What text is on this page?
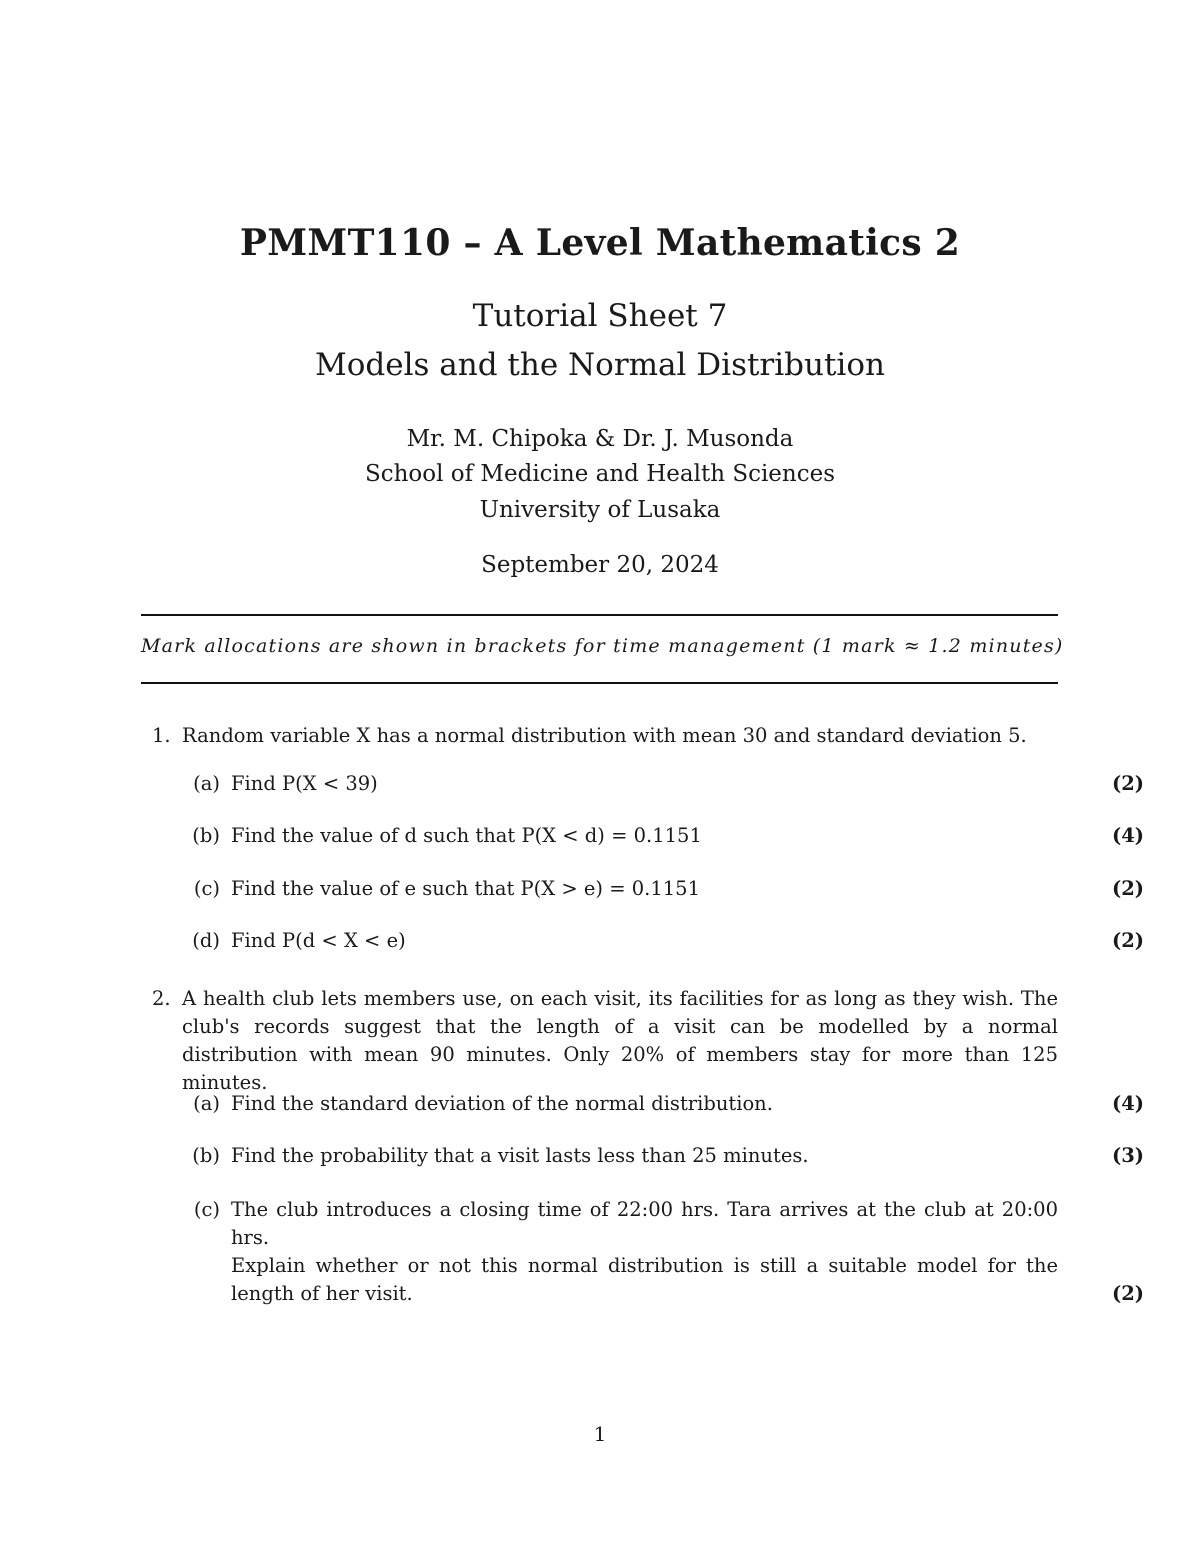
PMMT110 – A Level Mathematics 2
Tutorial Sheet 7
Models and the Normal Distribution
Mr. M. Chipoka & Dr. J. Musonda
School of Medicine and Health Sciences
University of Lusaka
September 20, 2024
Mark allocations are shown in brackets for time management (1 mark ≈ 1.2 minutes)
1. Random variable X has a normal distribution with mean 30 and standard deviation 5.
(a) Find P(X < 39)	(2)
(b) Find the value of d such that P(X < d) = 0.1151	(4)
(c) Find the value of e such that P(X > e) = 0.1151	(2)
(d) Find P(d < X < e)	(2)
2. A health club lets members use, on each visit, its facilities for as long as they wish. The club's records suggest that the length of a visit can be modelled by a normal distribution with mean 90 minutes. Only 20% of members stay for more than 125 minutes.
(a) Find the standard deviation of the normal distribution.	(4)
(b) Find the probability that a visit lasts less than 25 minutes.	(3)
(c) The club introduces a closing time of 22:00 hrs. Tara arrives at the club at 20:00 hrs.
Explain whether or not this normal distribution is still a suitable model for the length of her visit.	(2)
1
